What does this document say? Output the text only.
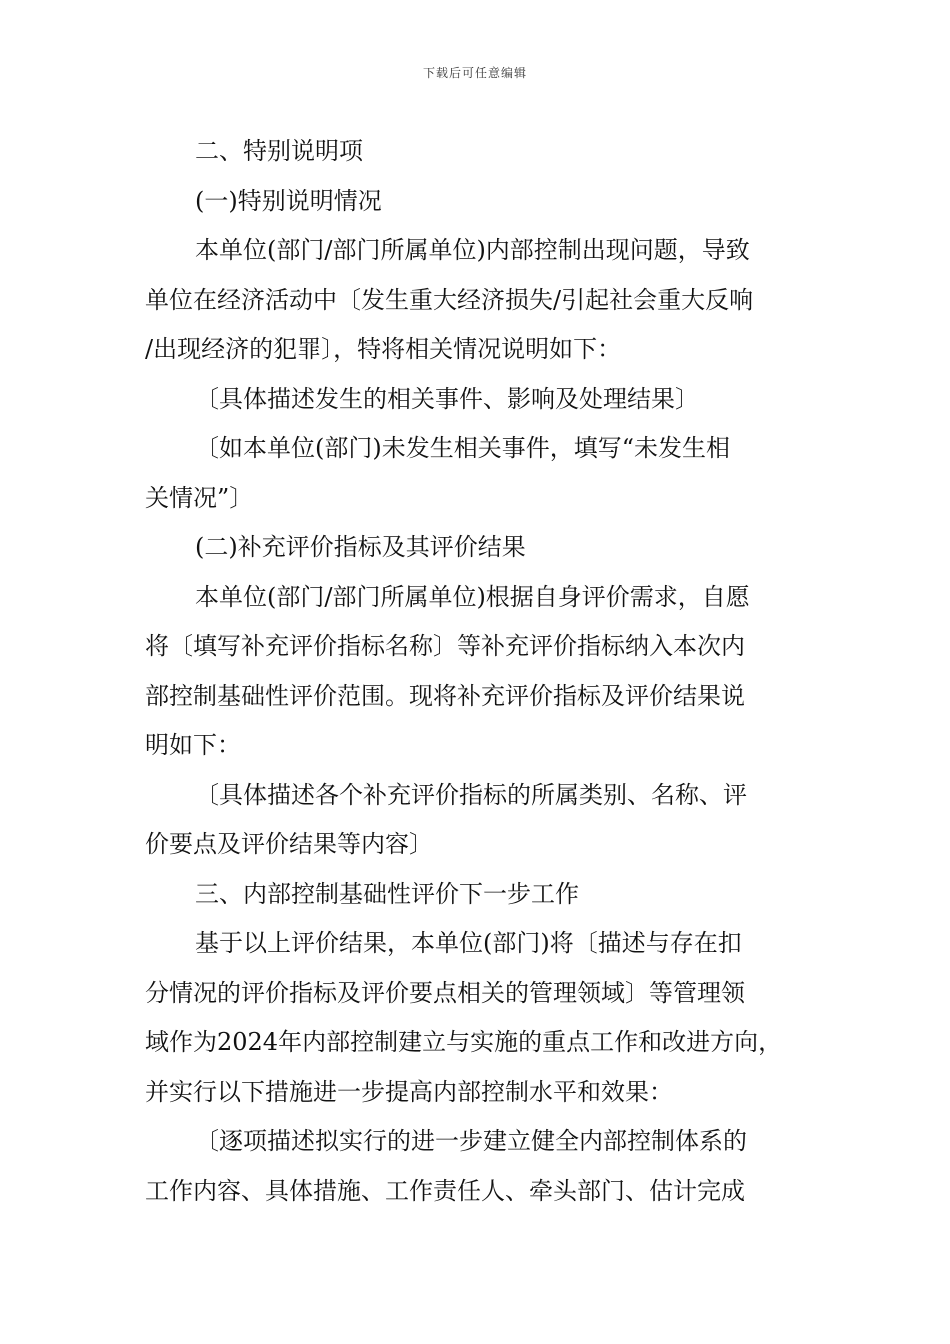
下载后可任意编辑
二、特别说明项
(一)特别说明情况
本单位(部门/部门所属单位)内部控制出现问题，导致
单位在经济活动中〔发生重大经济损失/引起社会重大反响
/出现经济的犯罪〕，特将相关情况说明如下：
〔具体描述发生的相关事件、影响及处理结果〕
〔如本单位(部门)未发生相关事件，填写“未发生相
关情况”〕
(二)补充评价指标及其评价结果
本单位(部门/部门所属单位)根据自身评价需求，自愿
将〔填写补充评价指标名称〕等补充评价指标纳入本次内
部控制基础性评价范围。现将补充评价指标及评价结果说
明如下：
〔具体描述各个补充评价指标的所属类别、名称、评
价要点及评价结果等内容〕
三、内部控制基础性评价下一步工作
基于以上评价结果，本单位(部门)将〔描述与存在扣
分情况的评价指标及评价要点相关的管理领域〕等管理领
域作为2024年内部控制建立与实施的重点工作和改进方向，
并实行以下措施进一步提高内部控制水平和效果：
〔逐项描述拟实行的进一步建立健全内部控制体系的
工作内容、具体措施、工作责任人、牵头部门、估计完成
